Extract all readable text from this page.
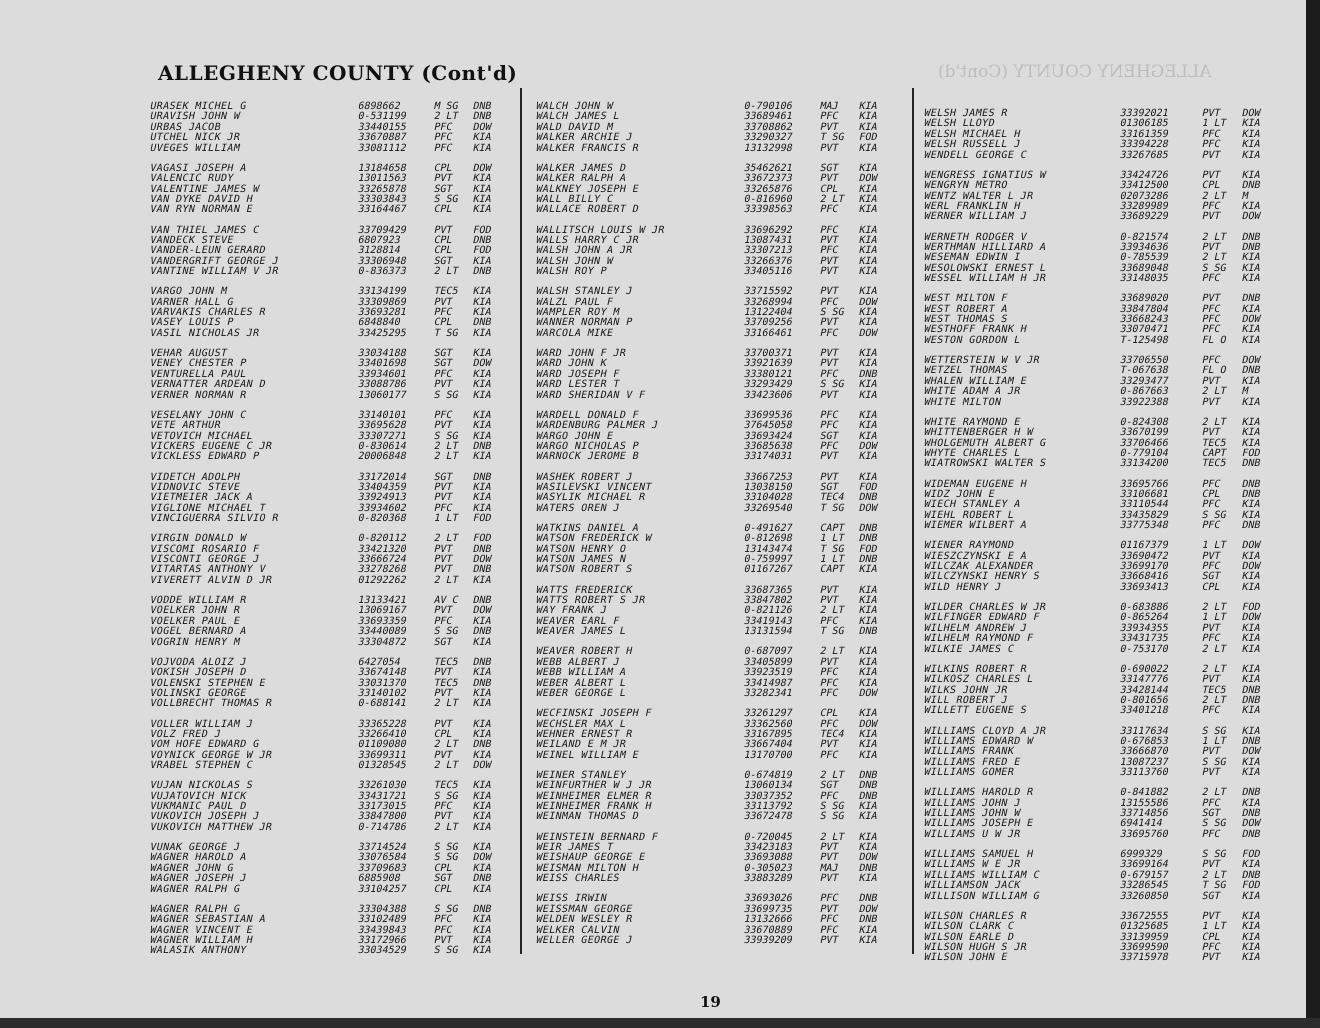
ALLEGHENY COUNTY (Cont'd)
ALLEGHENY COUNTY (Cont'd)
URASEK MICHEL G	6898662	M SG DNB
URAVISH JOHN W	0-531199	2 LT DNB
URBAS JACOB	33440155	PFC DOW
UTCHEL NICK JR	33670887	PFC KIA
UVEGES WILLIAM	33081112	PFC KIA
VAGASI JOSEPH A	13184658	CPL DOW
VALENCIC RUDY	13011563	PVT KIA
VALENTINE JAMES W	33265878	SGT KIA
VAN DYKE DAVID H	33303843	S SG KIA
VAN RYN NORMAN E	33164467	CPL KIA
VAN THIEL JAMES C	33709429	PVT FOD
VANDECK STEVE	6807923	CPL DNB
VANDER-LEUN GERARD	3128814	CPL FOD
VANDERGRIFT GEORGE J	33306948	SGT KIA
VANTINE WILLIAM V JR	0-836373	2 LT DNB
VARGO JOHN M	33134199	TEC5 KIA
VARNER HALL G	33309869	PVT KIA
VARVAKIS CHARLES R	33693281	PFC KIA
VASEY LOUIS P	6848840	CPL DNB
VASIL NICHOLAS JR	33425295	T SG KIA
VEHAR AUGUST	33034188	SGT KIA
VENEY CHESTER P	33401698	SGT DOW
VENTURELLA PAUL	33934601	PFC KIA
VERNATTER ARDEAN D	33088786	PVT KIA
VERNER NORMAN R	13060177	S SG KIA
VESELANY JOHN C	33140101	PFC KIA
VETE ARTHUR	33695628	PVT KIA
VETOVICH MICHAEL	33307271	S SG KIA
VICKERS EUGENE C JR	0-830614	2 LT DNB
VICKLESS EDWARD P	20006848	2 LT KIA
VIDETCH ADOLPH	33172014	SGT DNB
VIDNOVIC STEVE	33404359	PVT KIA
VIETMEIER JACK A	33924913	PVT KIA
VIGLIONE MICHAEL T	33934602	PFC KIA
VINCIGUERRA SILVIO R	0-820368	1 LT FOD
VIRGIN DONALD W	0-820112	2 LT FOD
VISCOMI ROSARIO F	33421320	PVT DNB
VISCONTI GEORGE J	33666724	PVT DOW
VITARTAS ANTHONY V	33278268	PVT DNB
VIVERETT ALVIN D JR	01292262	2 LT KIA
VODDE WILLIAM R	13133421	AV C DNB
VOELKER JOHN R	13069167	PVT DOW
VOELKER PAUL E	33693359	PFC KIA
VOGEL BERNARD A	33440089	S SG DNB
VOGRIN HENRY M	33304872	SGT KIA
VOJVODA ALOIZ J	6427054	TEC5 DNB
VOKISH JOSEPH D	33674148	PVT KIA
VOLENSKI STEPHEN E	33031370	TEC5 DNB
VOLINSKI GEORGE	33140102	PVT KIA
VOLLBRECHT THOMAS R	0-688141	2 LT KIA
VOLLER WILLIAM J	33365228	PVT KIA
VOLZ FRED J	33266410	CPL KIA
VOM HOFE EDWARD G	01109080	2 LT DNB
VOYNICK GEORGE W JR	33699311	PVT KIA
VRABEL STEPHEN C	01328545	2 LT DOW
VUJAN NICKOLAS S	33261030	TEC5 KIA
VUJATOVICH NICK	33431721	S SG KIA
VUKMANIC PAUL D	33173015	PFC KIA
VUKOVICH JOSEPH J	33847800	PVT KIA
VUKOVICH MATTHEW JR	0-714786	2 LT KIA
VUNAK GEORGE J	33714524	S SG KIA
WAGNER HAROLD A	33076584	S SG DOW
WAGNER JOHN G	33709683	CPL KIA
WAGNER JOSEPH J	6885908	SGT DNB
WAGNER RALPH G	33104257	CPL KIA
WAGNER RALPH G	33304388	S SG DNB
WAGNER SEBASTIAN A	33102489	PFC KIA
WAGNER VINCENT E	33439843	PFC KIA
WAGNER WILLIAM H	33172966	PVT KIA
WALASIK ANTHONY	33034529	S SG KIA
WALCH JOHN W	0-790106	MAJ KIA
WALCH JAMES L	33689461	PFC KIA
WALD DAVID M	33708862	PVT KIA
WALKER ARCHIE J	33290327	T SG FOD
WALKER FRANCIS R	13132998	PVT KIA
WALKER JAMES D	35462621	SGT KIA
WALKER RALPH A	33672373	PVT DOW
WALKNEY JOSEPH E	33265876	CPL KIA
WALL BILLY C	0-816960	2 LT KIA
WALLACE ROBERT D	33398563	PFC KIA
WALLITSCH LOUIS W JR	33696292	PFC KIA
WALLS HARRY C JR	13087431	PVT KIA
WALSH JOHN A JR	33307213	PFC KIA
WALSH JOHN W	33266376	PVT KIA
WALSH ROY P	33405116	PVT KIA
WALSH STANLEY J	33715592	PVT KIA
WALZL PAUL F	33268994	PFC DOW
WAMPLER ROY M	13122404	S SG KIA
WANNER NORMAN P	33709256	PVT KIA
WARCOLA MIKE	33166461	PFC DOW
WARD JOHN F JR	33700371	PVT KIA
WARD JOHN K	33921639	PVT KIA
WARD JOSEPH F	33380121	PFC DNB
WARD LESTER T	33293429	S SG KIA
WARD SHERIDAN V F	33423606	PVT KIA
WARDELL DONALD F	33699536	PFC KIA
WARDENBURG PALMER J	37645058	PFC KIA
WARGO JOHN E	33693424	SGT KIA
WARGO NICHOLAS P	33685638	PFC DOW
WARNOCK JEROME B	33174031	PVT KIA
WASHEK ROBERT J	33667253	PVT KIA
WASILEVSKI VINCENT	13038150	SGT FOD
WASYLIK MICHAEL R	33104028	TEC4 DNB
WATERS OREN J	33269540	T SG DOW
WATKINS DANIEL A	0-491627	CAPT DNB
WATSON FREDERICK W	0-812698	1 LT DNB
WATSON HENRY O	13143474	T SG FOD
WATSON JAMES N	0-759997	1 LT DNB
WATSON ROBERT S	01167267	CAPT KIA
WATTS FREDERICK	33687365	PVT KIA
WATTS ROBERT S JR	33847802	PVT KIA
WAY FRANK J	0-821126	2 LT KIA
WEAVER EARL F	33419143	PFC KIA
WEAVER JAMES L	13131594	T SG DNB
WEAVER ROBERT H	0-687097	2 LT KIA
WEBB ALBERT J	33405899	PVT KIA
WEBB WILLIAM A	33923519	PFC KIA
WEBER ALBERT L	33414987	PFC KIA
WEBER GEORGE L	33282341	PFC DOW
WECFINSKI JOSEPH F	33261297	CPL KIA
WECHSLER MAX L	33362560	PFC DOW
WEHNER ERNEST R	33167895	TEC4 KIA
WEILAND E M JR	33667404	PVT KIA
WEINEL WILLIAM E	13170700	PFC KIA
WEINER STANLEY	0-674819	2 LT DNB
WEINFURTHER W J JR	13060134	SGT DNB
WEINHEIMER ELMER R	33037352	PFC DNB
WEINHEIMER FRANK H	33113792	S SG KIA
WEINMAN THOMAS D	33672478	S SG KIA
WEINSTEIN BERNARD F	0-720045	2 LT KIA
WEIR JAMES T	33423183	PVT KIA
WEISHAUP GEORGE E	33693088	PVT DOW
WEISMAN MILTON H	0-305023	MAJ DNB
WEISS CHARLES	33883289	PVT KIA
WEISS IRWIN	33693026	PFC DNB
WEISSMAN GEORGE	33699735	PVT DOW
WELDEN WESLEY R	13132666	PFC DNB
WELKER CALVIN	33670889	PFC KIA
WELLER GEORGE J	33939209	PVT KIA
WELSH JAMES R	33392021	PVT DOW
WELSH LLOYD	01306185	1 LT KIA
WELSH MICHAEL H	33161359	PFC KIA
WELSH RUSSELL J	33394228	PFC KIA
WENDELL GEORGE C	33267685	PVT KIA
WENGRESS IGNATIUS W	33424726	PVT KIA
WENGRYN METRO	33412500	CPL DNB
WENTZ WALTER L JR	02073286	2 LT M
WERL FRANKLIN H	33289989	PFC KIA
WERNER WILLIAM J	33689229	PVT DOW
WERNETH RODGER V	0-821574	2 LT DNB
WERTHMAN HILLIARD A	33934636	PVT DNB
WESEMAN EDWIN I	0-785539	2 LT KIA
WESOLOWSKI ERNEST L	33689048	S SG KIA
WESSEL WILLIAM H JR	33148035	PFC KIA
WEST MILTON F	33689020	PVT DNB
WEST ROBERT A	33847804	PFC KIA
WEST THOMAS S	33668243	PFC DOW
WESTHOFF FRANK H	33070471	PFC KIA
WESTON GORDON L	T-125498	FL O KIA
WETTERSTEIN W V JR	33706550	PFC DOW
WETZEL THOMAS	T-067638	FL O DNB
WHALEN WILLIAM E	33293477	PVT KIA
WHITE ADAM A JR	0-867663	2 LT M
WHITE MILTON	33922388	PVT KIA
WHITE RAYMOND E	0-824308	2 LT KIA
WHITTENBERGER H W	33670199	PVT KIA
WHOLGEMUTH ALBERT G	33706466	TEC5 KIA
WHYTE CHARLES L	0-779104	CAPT FOD
WIATROWSKI WALTER S	33134200	TEC5 DNB
WIDEMAN EUGENE H	33695766	PFC DNB
WIDZ JOHN E	33106681	CPL DNB
WIECH STANLEY A	33110544	PFC KIA
WIEHL ROBERT L	33435829	S SG KIA
WIEMER WILBERT A	33775348	PFC DNB
WIENER RAYMOND	01167379	1 LT DOW
WIESZCZYNSKI E A	33690472	PVT KIA
WILCZAK ALEXANDER	33699170	PFC DOW
WILCZYNSKI HENRY S	33668416	SGT KIA
WILD HENRY J	33693413	CPL KIA
WILDER CHARLES W JR	0-683886	2 LT FOD
WILFINGER EDWARD F	0-865264	1 LT DOW
WILHELM ANDREW J	33934355	PVT KIA
WILHELM RAYMOND F	33431735	PFC KIA
WILKIE JAMES C	0-753170	2 LT KIA
WILKINS ROBERT R	0-690022	2 LT KIA
WILKOSZ CHARLES L	33147776	PVT KIA
WILKS JOHN JR	33428144	TEC5 DNB
WILL ROBERT J	0-801656	2 LT DNB
WILLETT EUGENE S	33401218	PFC KIA
WILLIAMS CLOYD A JR	33117634	S SG KIA
WILLIAMS EDWARD W	0-676853	1 LT DNB
WILLIAMS FRANK	33666870	PVT DOW
WILLIAMS FRED E	13087237	S SG KIA
WILLIAMS GOMER	33113760	PVT KIA
WILLIAMS HAROLD R	0-841882	2 LT DNB
WILLIAMS JOHN J	13155586	PFC KIA
WILLIAMS JOHN W	33714856	SGT DNB
WILLIAMS JOSEPH E	6941414	S SG DOW
WILLIAMS U W JR	33695760	PFC DNB
WILLIAMS SAMUEL H	6999329	S SG FOD
WILLIAMS W E JR	33699164	PVT KIA
WILLIAMS WILLIAM C	0-679157	2 LT DNB
WILLIAMSON JACK	33286545	T SG FOD
WILLISON WILLIAM G	33260850	SGT KIA
WILSON CHARLES R	33672555	PVT KIA
WILSON CLARK C	01325685	1 LT KIA
WILSON EARLE D	33139959	CPL KIA
WILSON HUGH S JR	33699590	PFC KIA
WILSON JOHN E	33715978	PVT KIA
19
